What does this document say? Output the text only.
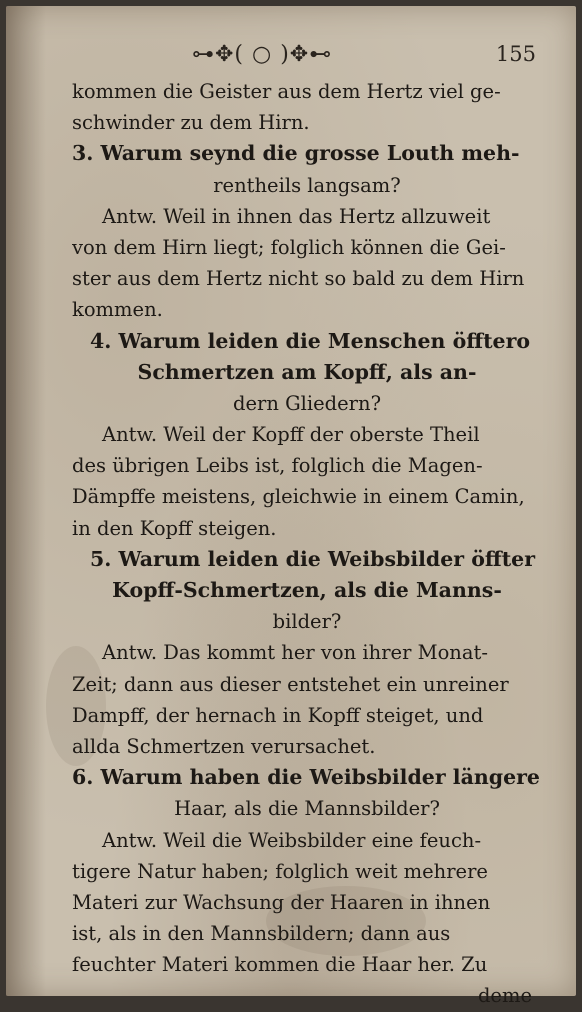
⊶✥( ○ )✥⊷	155
kommen die Geister aus dem Hertz viel ge-
schwinder zu dem Hirn.
3. Warum seynd die grosse Louth meh-
rentheils langsam?
Antw. Weil in ihnen das Hertz allzuweit
von dem Hirn liegt; folglich können die Gei-
ster aus dem Hertz nicht so bald zu dem Hirn
kommen.
4. Warum leiden die Menschen öfftero
Schmertzen am Kopff, als an-
dern Gliedern?
Antw. Weil der Kopff der oberste Theil
des übrigen Leibs ist, folglich die Magen-
Dämpffe meistens, gleichwie in einem Camin,
in den Kopff steigen.
5. Warum leiden die Weibsbilder öffter
Kopff-Schmertzen, als die Manns-
bilder?
Antw. Das kommt her von ihrer Monat-
Zeit; dann aus dieser entstehet ein unreiner
Dampff, der hernach in Kopff steiget, und
allda Schmertzen verursachet.
6. Warum haben die Weibsbilder längere
Haar, als die Mannsbilder?
Antw. Weil die Weibsbilder eine feuch-
tigere Natur haben; folglich weit mehrere
Materi zur Wachsung der Haaren in ihnen
ist, als in den Mannsbildern; dann aus
feuchter Materi kommen die Haar her. Zu
deme
